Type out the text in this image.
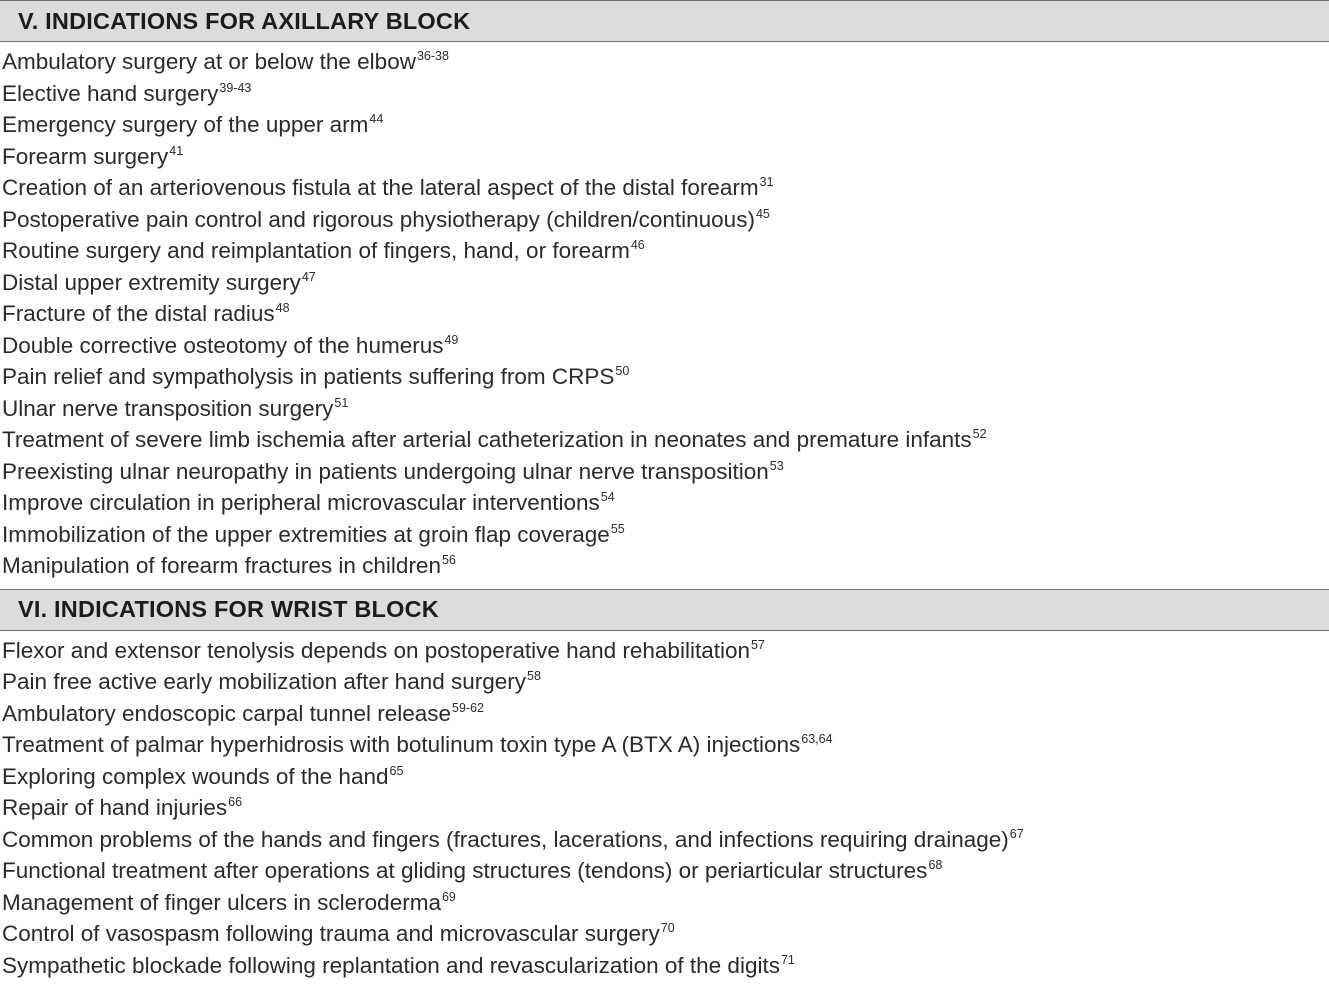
V. INDICATIONS FOR AXILLARY BLOCK
Ambulatory surgery at or below the elbow$^{36-38}$
Elective hand surgery$^{39-43}$
Emergency surgery of the upper arm$^{44}$
Forearm surgery$^{41}$
Creation of an arteriovenous fistula at the lateral aspect of the distal forearm$^{31}$
Postoperative pain control and rigorous physiotherapy (children/continuous)$^{45}$
Routine surgery and reimplantation of fingers, hand, or forearm$^{46}$
Distal upper extremity surgery$^{47}$
Fracture of the distal radius$^{48}$
Double corrective osteotomy of the humerus$^{49}$
Pain relief and sympatholysis in patients suffering from CRPS$^{50}$
Ulnar nerve transposition surgery$^{51}$
Treatment of severe limb ischemia after arterial catheterization in neonates and premature infants$^{52}$
Preexisting ulnar neuropathy in patients undergoing ulnar nerve transposition$^{53}$
Improve circulation in peripheral microvascular interventions$^{54}$
Immobilization of the upper extremities at groin flap coverage$^{55}$
Manipulation of forearm fractures in children$^{56}$
VI. INDICATIONS FOR WRIST BLOCK
Flexor and extensor tenolysis depends on postoperative hand rehabilitation$^{57}$
Pain free active early mobilization after hand surgery$^{58}$
Ambulatory endoscopic carpal tunnel release$^{59-62}$
Treatment of palmar hyperhidrosis with botulinum toxin type A (BTX A) injections$^{63,64}$
Exploring complex wounds of the hand$^{65}$
Repair of hand injuries$^{66}$
Common problems of the hands and fingers (fractures, lacerations, and infections requiring drainage)$^{67}$
Functional treatment after operations at gliding structures (tendons) or periarticular structures$^{68}$
Management of finger ulcers in scleroderma$^{69}$
Control of vasospasm following trauma and microvascular surgery$^{70}$
Sympathetic blockade following replantation and revascularization of the digits$^{71}$
